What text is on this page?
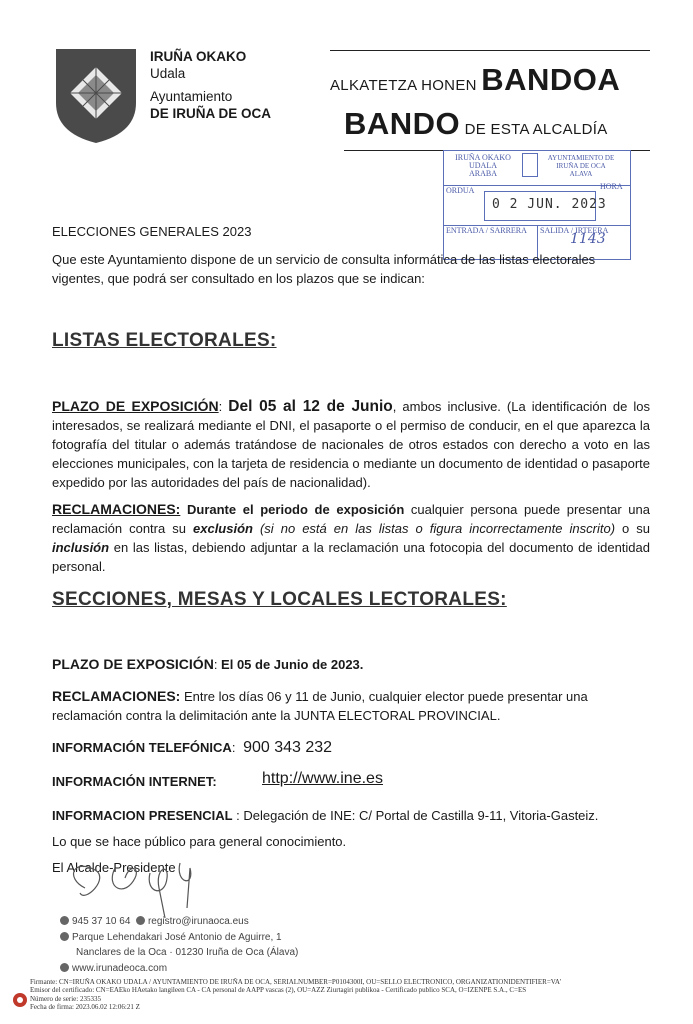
IRUÑA OKAKO
Udala
Ayuntamiento
DE IRUÑA DE OCA
ALKATETZA HONEN BANDOA
BANDO DE ESTA ALCALDÍA
IRUÑA OKAKO
UDALA
ARABA
AYUNTAMIENTO DE
IRUÑA DE OCA
ALAVA
ORDUA	HORA
0 2 JUN. 2023
ENTRADA / SARRERA SALIDA / IRTEERA
1143
ELECCIONES GENERALES 2023
Que este Ayuntamiento dispone de un servicio de consulta informática de las listas electorales vigentes, que podrá ser consultado en los plazos que se indican:
LISTAS ELECTORALES:
PLAZO DE EXPOSICIÓN: Del 05 al 12 de Junio, ambos inclusive. (La identificación de los interesados, se realizará mediante el DNI, el pasaporte o el permiso de conducir, en el que aparezca la fotografía del titular o además tratándose de nacionales de otros estados con derecho a voto en las elecciones municipales, con la tarjeta de residencia o mediante un documento de identidad o pasaporte expedido por las autoridades del país de nacionalidad).
RECLAMACIONES: Durante el periodo de exposición cualquier persona puede presentar una reclamación contra su exclusión (si no está en las listas o figura incorrectamente inscrito) o su inclusión en las listas, debiendo adjuntar a la reclamación una fotocopia del documento de identidad personal.
SECCIONES, MESAS Y LOCALES LECTORALES:
PLAZO DE EXPOSICIÓN: El 05 de Junio de 2023.
RECLAMACIONES: Entre los días 06 y 11 de Junio, cualquier elector puede presentar una reclamación contra la delimitación ante la JUNTA ELECTORAL PROVINCIAL.
INFORMACIÓN TELEFÓNICA: 900 343 232
INFORMACIÓN INTERNET:	http://www.ine.es
INFORMACION PRESENCIAL : Delegación de INE: C/ Portal de Castilla 9-11, Vitoria-Gasteiz.
Lo que se hace público para general conocimiento.
El Alcalde-Presidente
945 37 10 64 registro@irunaoca.eus
Parque Lehendakari José Antonio de Aguirre, 1
Nanclares de la Oca · 01230 Iruña de Oca (Álava)
www.irunadeoca.com
Firmante: CN=IRUÑA OKAKO UDALA / AYUNTAMIENTO DE IRUÑA DE OCA, SERIALNUMBER=P0104300I, OU=SELLO ELECTRONICO, ORGANIZATIONIDENTIFIER=VA'
Emisor del certificado: CN=EAEko HAetako langileen CA - CA personal de AAPP vascas (2), OU=AZZ Ziurtagiri publikoa - Certificado publico SCA, O=IZENPE S.A., C=ES
Número de serie: 235335
Fecha de firma: 2023.06.02 12:06:21 Z
